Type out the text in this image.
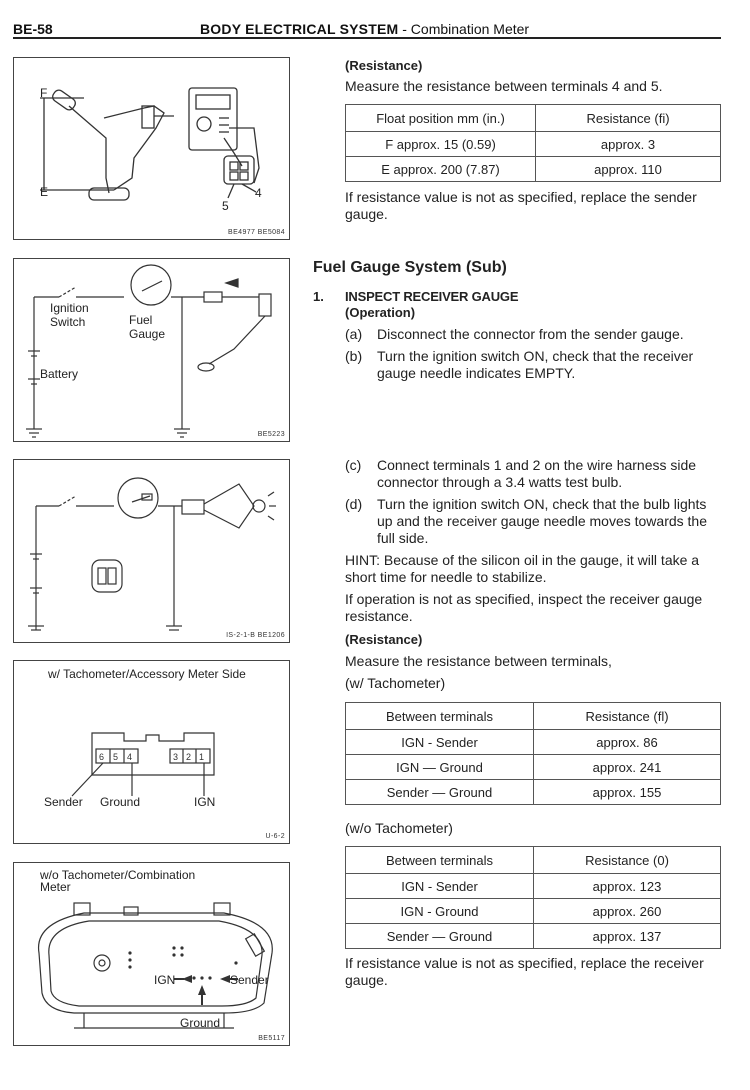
BE-58	BODY ELECTRICAL SYSTEM - Combination Meter
F
E	4
5
BE4977 BE5084
Ignition
Switch	Fuel
Gauge
Battery
BE5223
IS-2-1-B BE1206
w/ Tachometer/Accessory Meter Side
6 5 4	3 2 1
Sender Ground	IGN
U-6-2
w/o Tachometer/Combination
Meter
IGN	Sender
Ground
BE5117
(Resistance)
Measure the resistance between terminals 4 and 5.
Float position mm (in.)	Resistance (fi)
F approx. 15 (0.59)	approx. 3
E approx. 200 (7.87)	approx. 110
If resistance value is not as specified, replace the sender gauge.
Fuel Gauge System (Sub)
1. INSPECT RECEIVER GAUGE
(Operation)
(a) Disconnect the connector from the sender gauge.
(b) Turn the ignition switch ON, check that the receiver gauge needle indicates EMPTY.
(c) Connect terminals 1 and 2 on the wire harness side connector through a 3.4 watts test bulb.
(d) Turn the ignition switch ON, check that the bulb lights up and the receiver gauge needle moves towards the full side.
HINT: Because of the silicon oil in the gauge, it will take a short time for needle to stabilize.
If operation is not as specified, inspect the receiver gauge resistance.
(Resistance)
Measure the resistance between terminals,
(w/ Tachometer)
Between terminals	Resistance (fl)
IGN - Sender	approx. 86
IGN — Ground	approx. 241
Sender — Ground	approx. 155
(w/o Tachometer)
Between terminals	Resistance (0)
IGN - Sender	approx. 123
IGN - Ground	approx. 260
Sender — Ground	approx. 137
If resistance value is not as specified, replace the receiver gauge.
